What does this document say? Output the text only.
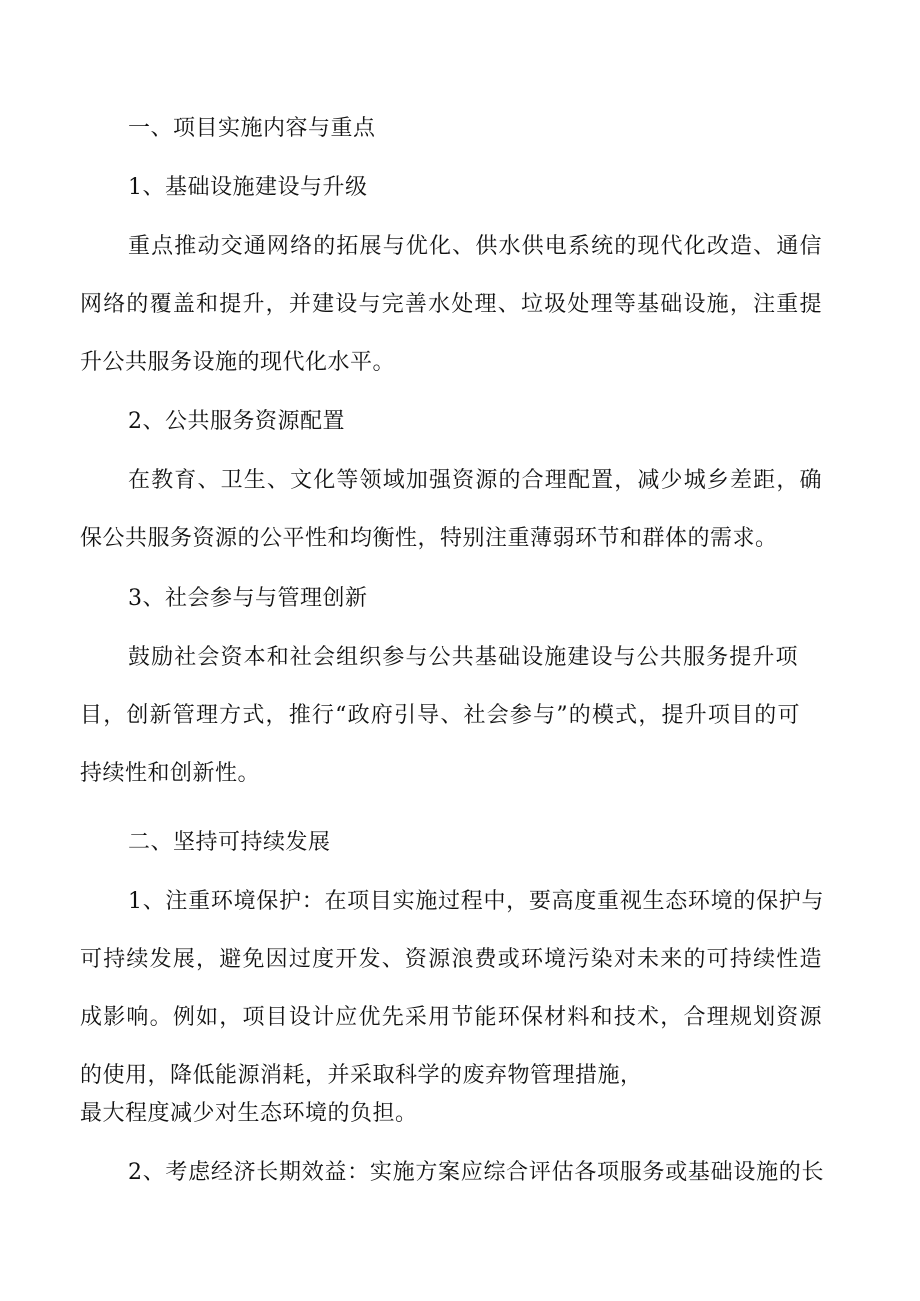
一、项目实施内容与重点
1、基础设施建设与升级
重点推动交通网络的拓展与优化、供水供电系统的现代化改造、通信
网络的覆盖和提升，并建设与完善水处理、垃圾处理等基础设施，注重提
升公共服务设施的现代化水平。
2、公共服务资源配置
在教育、卫生、文化等领域加强资源的合理配置，减少城乡差距，确
保公共服务资源的公平性和均衡性，特别注重薄弱环节和群体的需求。
3、社会参与与管理创新
鼓励社会资本和社会组织参与公共基础设施建设与公共服务提升项
目，创新管理方式，推行“政府引导、社会参与”的模式，提升项目的可
持续性和创新性。
二、坚持可持续发展
1、注重环境保护：在项目实施过程中，要高度重视生态环境的保护与
可持续发展，避免因过度开发、资源浪费或环境污染对未来的可持续性造
成影响。例如，项目设计应优先采用节能环保材料和技术，合理规划资源
的使用，降低能源消耗，并采取科学的废弃物管理措施，
最大程度减少对生态环境的负担。
2、考虑经济长期效益：实施方案应综合评估各项服务或基础设施的长
